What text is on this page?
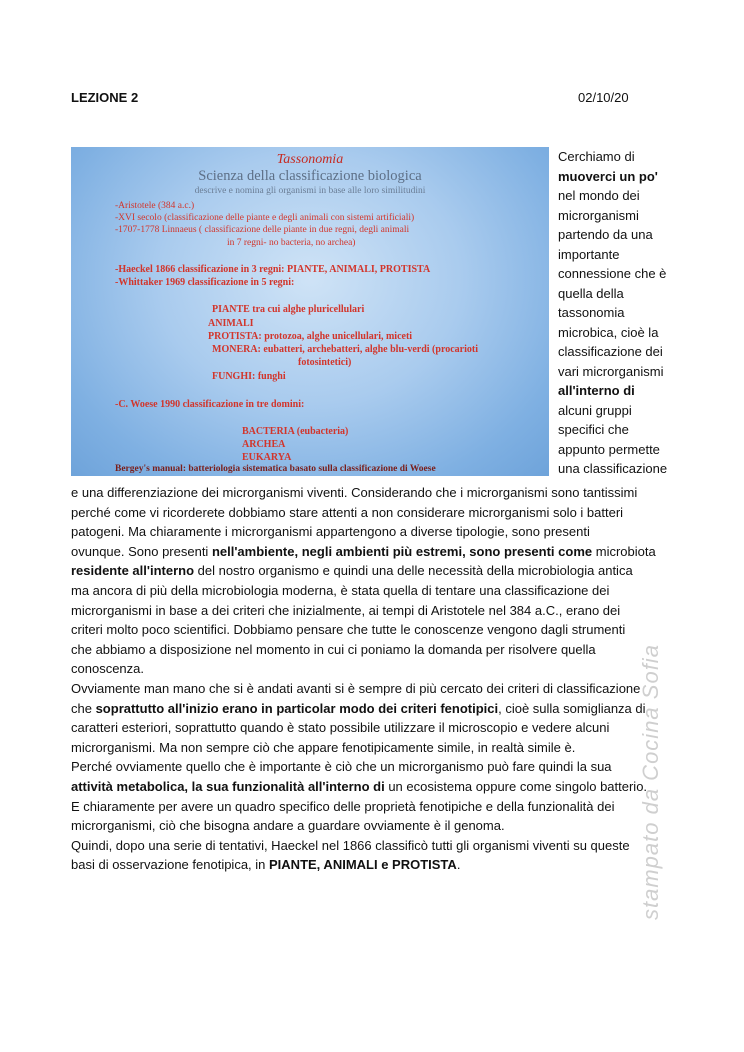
LEZIONE 2	02/10/20
Tassonomia
Scienza della classificazione biologica
descrive e nomina gli organismi in base alle loro similitudini
-Aristotele (384 a.c.)
-XVI secolo (classificazione delle piante e degli animali con sistemi artificiali)
-1707-1778 Linnaeus ( classificazione delle piante in due regni, degli animali
in 7 regni- no bacteria, no archea)
-Haeckel 1866 classificazione in 3 regni: PIANTE, ANIMALI, PROTISTA
-Whittaker 1969 classificazione in 5 regni:
PIANTE tra cui alghe pluricellulari
ANIMALI
PROTISTA: protozoa, alghe unicellulari, miceti
MONERA: eubatteri, archebatteri, alghe blu-verdi (procarioti
fotosintetici)
FUNGHI: funghi
-C. Woese 1990 classificazione in tre domini:
BACTERIA (eubacteria)
ARCHEA
EUKARYA
Bergey's manual: batteriologia sistematica basato sulla classificazione di Woese
Cerchiamo di
muoverci un po'
nel mondo dei
microrganismi
partendo da una
importante
connessione che è
quella della
tassonomia
microbica, cioè la
classificazione dei
vari microrganismi
all'interno di
alcuni gruppi
specifici che
appunto permette
una classificazione
e una differenziazione dei microrganismi viventi. Considerando che i microrganismi sono tantissimi
perché come vi ricorderete dobbiamo stare attenti a non considerare microrganismi solo i batteri
patogeni. Ma chiaramente i microrganismi appartengono a diverse tipologie, sono presenti
ovunque. Sono presenti nell'ambiente, negli ambienti più estremi, sono presenti come microbiota
residente all'interno del nostro organismo e quindi una delle necessità della microbiologia antica
ma ancora di più della microbiologia moderna, è stata quella di tentare una classificazione dei
microrganismi in base a dei criteri che inizialmente, ai tempi di Aristotele nel 384 a.C., erano dei
criteri molto poco scientifici. Dobbiamo pensare che tutte le conoscenze vengono dagli strumenti
che abbiamo a disposizione nel momento in cui ci poniamo la domanda per risolvere quella
conoscenza.
Ovviamente man mano che si è andati avanti si è sempre di più cercato dei criteri di classificazione
che soprattutto all'inizio erano in particolar modo dei criteri fenotipici, cioè sulla somiglianza di
caratteri esteriori, soprattutto quando è stato possibile utilizzare il microscopio e vedere alcuni
microrganismi. Ma non sempre ciò che appare fenotipicamente simile, in realtà simile è.
Perché ovviamente quello che è importante è ciò che un microrganismo può fare quindi la sua
attività metabolica, la sua funzionalità all'interno di un ecosistema oppure come singolo batterio.
E chiaramente per avere un quadro specifico delle proprietà fenotipiche e della funzionalità dei
microrganismi, ciò che bisogna andare a guardare ovviamente è il genoma.
Quindi, dopo una serie di tentativi, Haeckel nel 1866 classificò tutti gli organismi viventi su queste
basi di osservazione fenotipica, in PIANTE, ANIMALI e PROTISTA.	stampato da Cocina Sofia
